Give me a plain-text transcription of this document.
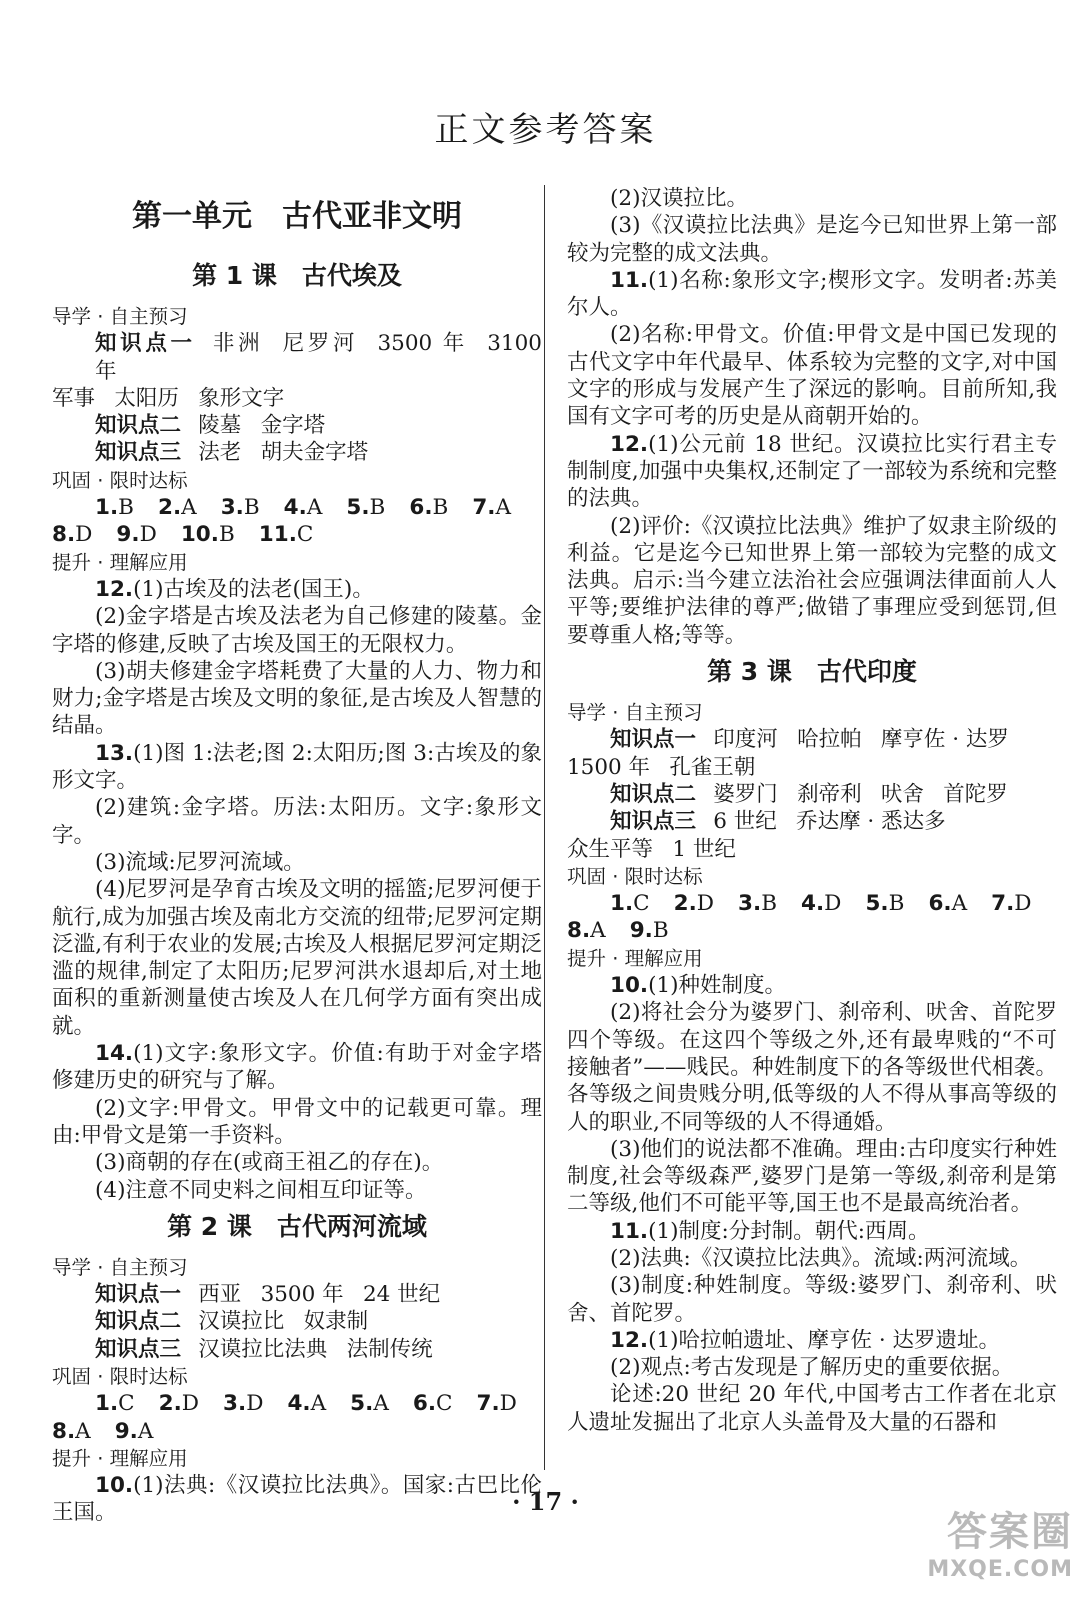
正文参考答案
第一单元　古代亚非文明
第 1 课　古代埃及

导学 · 自主预习

知识点一 非洲 尼罗河 3500 年 3100 年

军事 太阳历 象形文字

知识点二 陵墓 金字塔

知识点三 法老 胡夫金字塔

巩固 · 限时达标

1.B 2.A 3.B 4.A 5.B 6.B 7.A

8.D 9.D 10.B 11.C

提升 · 理解应用

12.(1)古埃及的法老(国王)。

(2)金字塔是古埃及法老为自己修建的陵墓。金字塔的修建,反映了古埃及国王的无限权力。

(3)胡夫修建金字塔耗费了大量的人力、物力和财力;金字塔是古埃及文明的象征,是古埃及人智慧的结晶。

13.(1)图 1:法老;图 2:太阳历;图 3:古埃及的象形文字。

(2)建筑:金字塔。历法:太阳历。文字:象形文字。

(3)流域:尼罗河流域。

(4)尼罗河是孕育古埃及文明的摇篮;尼罗河便于航行,成为加强古埃及南北方交流的纽带;尼罗河定期泛滥,有利于农业的发展;古埃及人根据尼罗河定期泛滥的规律,制定了太阳历;尼罗河洪水退却后,对土地面积的重新测量使古埃及人在几何学方面有突出成就。

14.(1)文字:象形文字。价值:有助于对金字塔修建历史的研究与了解。

(2)文字:甲骨文。甲骨文中的记载更可靠。理由:甲骨文是第一手资料。

(3)商朝的存在(或商王祖乙的存在)。

(4)注意不同史料之间相互印证等。

第 2 课　古代两河流域

导学 · 自主预习

知识点一 西亚 3500 年 24 世纪

知识点二 汉谟拉比 奴隶制

知识点三 汉谟拉比法典 法制传统

巩固 · 限时达标

1.C 2.D 3.D 4.A 5.A 6.C 7.D

8.A 9.A

提升 · 理解应用

10.(1)法典:《汉谟拉比法典》。国家:古巴比伦王国。

(2)汉谟拉比。

(3)《汉谟拉比法典》是迄今已知世界上第一部较为完整的成文法典。

11.(1)名称:象形文字;楔形文字。发明者:苏美尔人。

(2)名称:甲骨文。价值:甲骨文是中国已发现的古代文字中年代最早、体系较为完整的文字,对中国文字的形成与发展产生了深远的影响。目前所知,我国有文字可考的历史是从商朝开始的。

12.(1)公元前 18 世纪。汉谟拉比实行君主专制制度,加强中央集权,还制定了一部较为系统和完整的法典。

(2)评价:《汉谟拉比法典》维护了奴隶主阶级的利益。它是迄今已知世界上第一部较为完整的成文法典。启示:当今建立法治社会应强调法律面前人人平等;要维护法律的尊严;做错了事理应受到惩罚,但要尊重人格;等等。

第 3 课　古代印度

导学 · 自主预习

知识点一 印度河 哈拉帕 摩亨佐 · 达罗

1500 年 孔雀王朝

知识点二 婆罗门 刹帝利 吠舍 首陀罗

知识点三 6 世纪 乔达摩 · 悉达多

众生平等 1 世纪

巩固 · 限时达标

1.C 2.D 3.B 4.D 5.B 6.A 7.D

8.A 9.B

提升 · 理解应用

10.(1)种姓制度。

(2)将社会分为婆罗门、刹帝利、吠舍、首陀罗四个等级。在这四个等级之外,还有最卑贱的“不可接触者”——贱民。种姓制度下的各等级世代相袭。各等级之间贵贱分明,低等级的人不得从事高等级的人的职业,不同等级的人不得通婚。

(3)他们的说法都不准确。理由:古印度实行种姓制度,社会等级森严,婆罗门是第一等级,刹帝利是第二等级,他们不可能平等,国王也不是最高统治者。

11.(1)制度:分封制。朝代:西周。

(2)法典:《汉谟拉比法典》。流域:两河流域。

(3)制度:种姓制度。等级:婆罗门、刹帝利、吠舍、首陀罗。

12.(1)哈拉帕遗址、摩亨佐 · 达罗遗址。

(2)观点:考古发现是了解历史的重要依据。

论述:20 世纪 20 年代,中国考古工作者在北京人遗址发掘出了北京人头盖骨及大量的石器和

· 17 ·
答案圈
MXQE.COM
